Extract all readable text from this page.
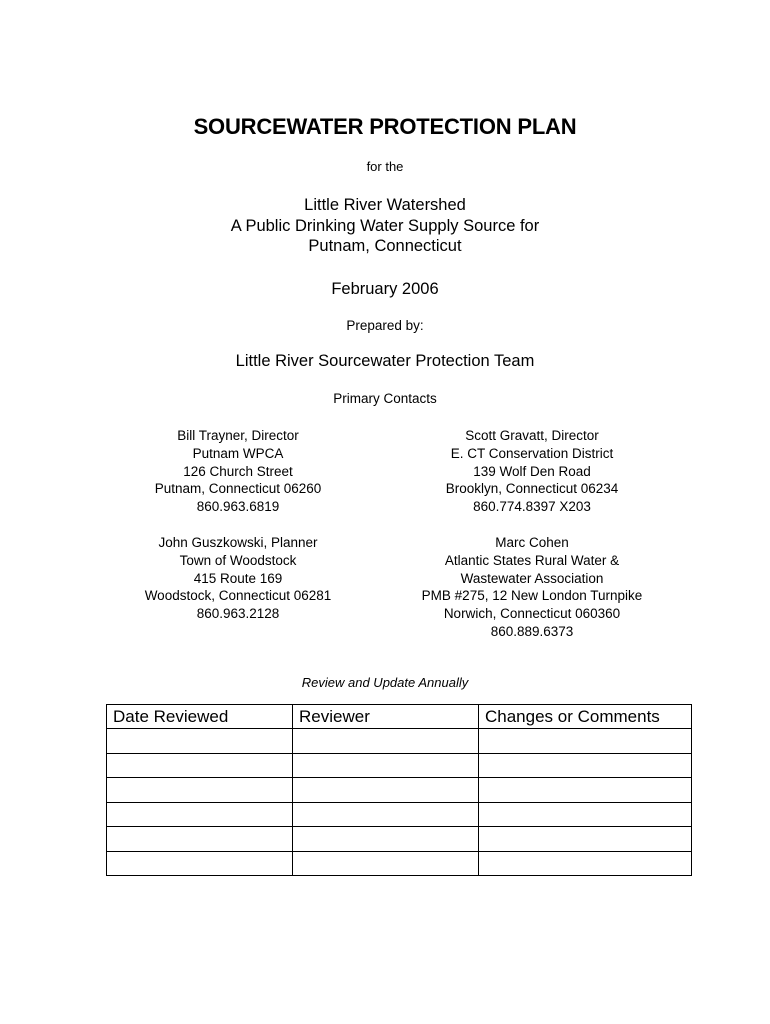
SOURCEWATER PROTECTION PLAN
for the
Little River Watershed
A Public Drinking Water Supply Source for
Putnam, Connecticut
February 2006
Prepared by:
Little River Sourcewater Protection Team
Primary Contacts
Bill Trayner, Director
Putnam WPCA
126 Church Street
Putnam, Connecticut 06260
860.963.6819
Scott Gravatt, Director
E. CT Conservation District
139 Wolf Den Road
Brooklyn, Connecticut 06234
860.774.8397 X203
John Guszkowski, Planner
Town of Woodstock
415 Route 169
Woodstock, Connecticut 06281
860.963.2128
Marc Cohen
Atlantic States Rural Water &
Wastewater Association
PMB #275, 12 New London Turnpike
Norwich, Connecticut 060360
860.889.6373
Review and Update Annually
Date Reviewed	Reviewer	Changes or Comments
